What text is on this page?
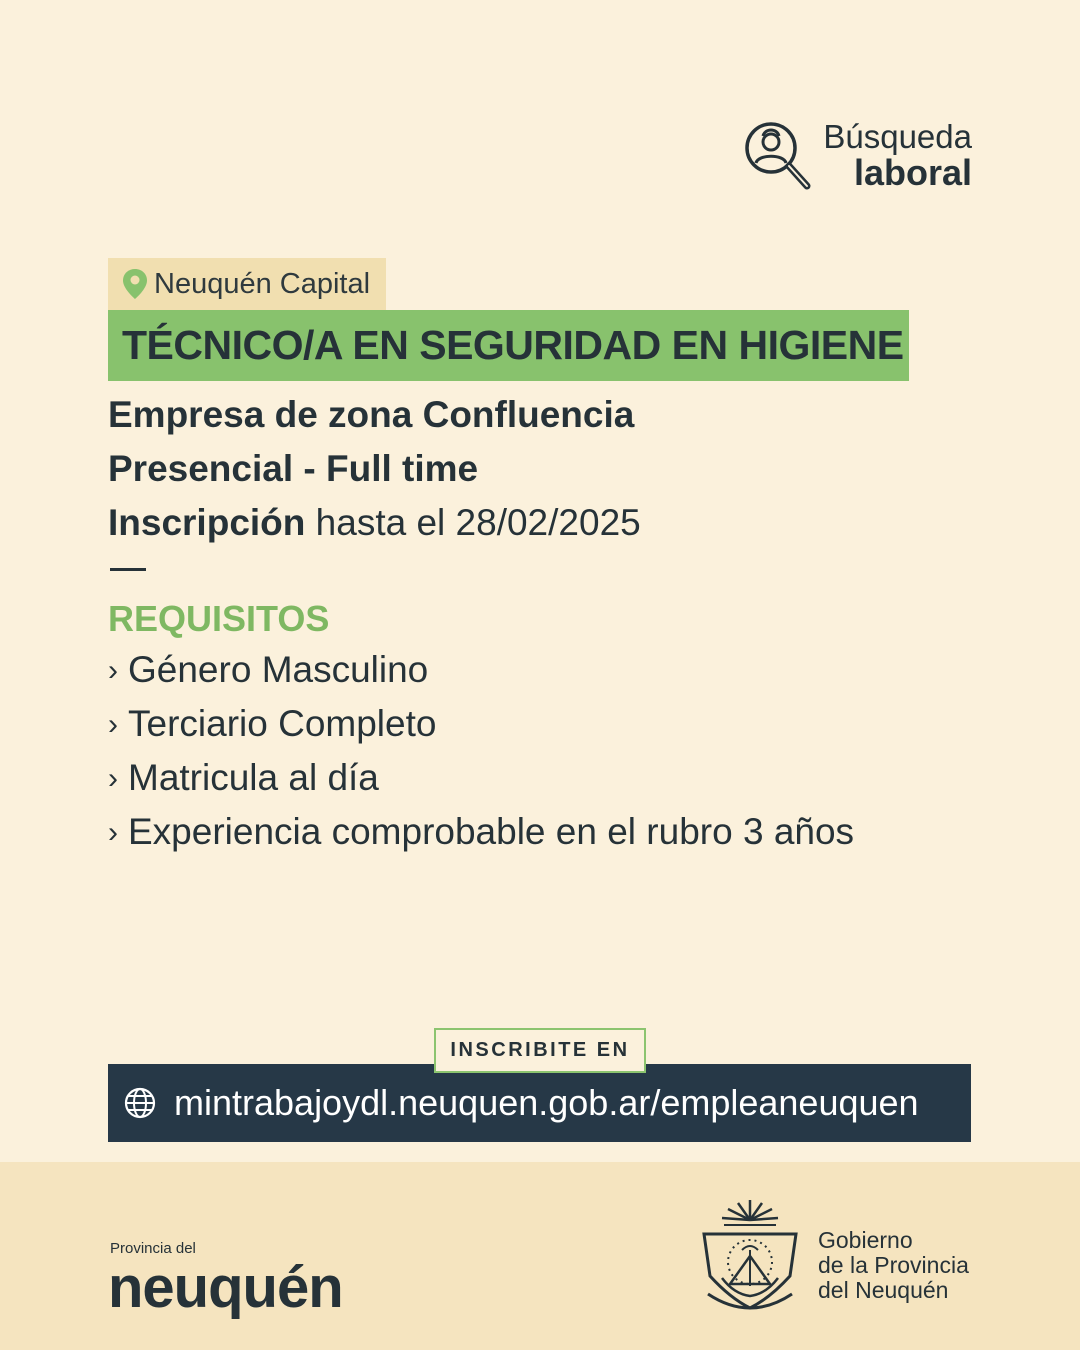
Búsqueda
laboral
Neuquén Capital
TÉCNICO/A EN SEGURIDAD EN HIGIENE
Empresa de zona Confluencia
Presencial - Full time
Inscripción hasta el 28/02/2025
REQUISITOS
› Género Masculino
› Terciario Completo
› Matricula al día
› Experiencia comprobable en el rubro 3 años
INSCRIBITE EN
mintrabajoydl.neuquen.gob.ar/empleaneuquen
Provincia del
neuquén
Gobierno
de la Provincia
del Neuquén
